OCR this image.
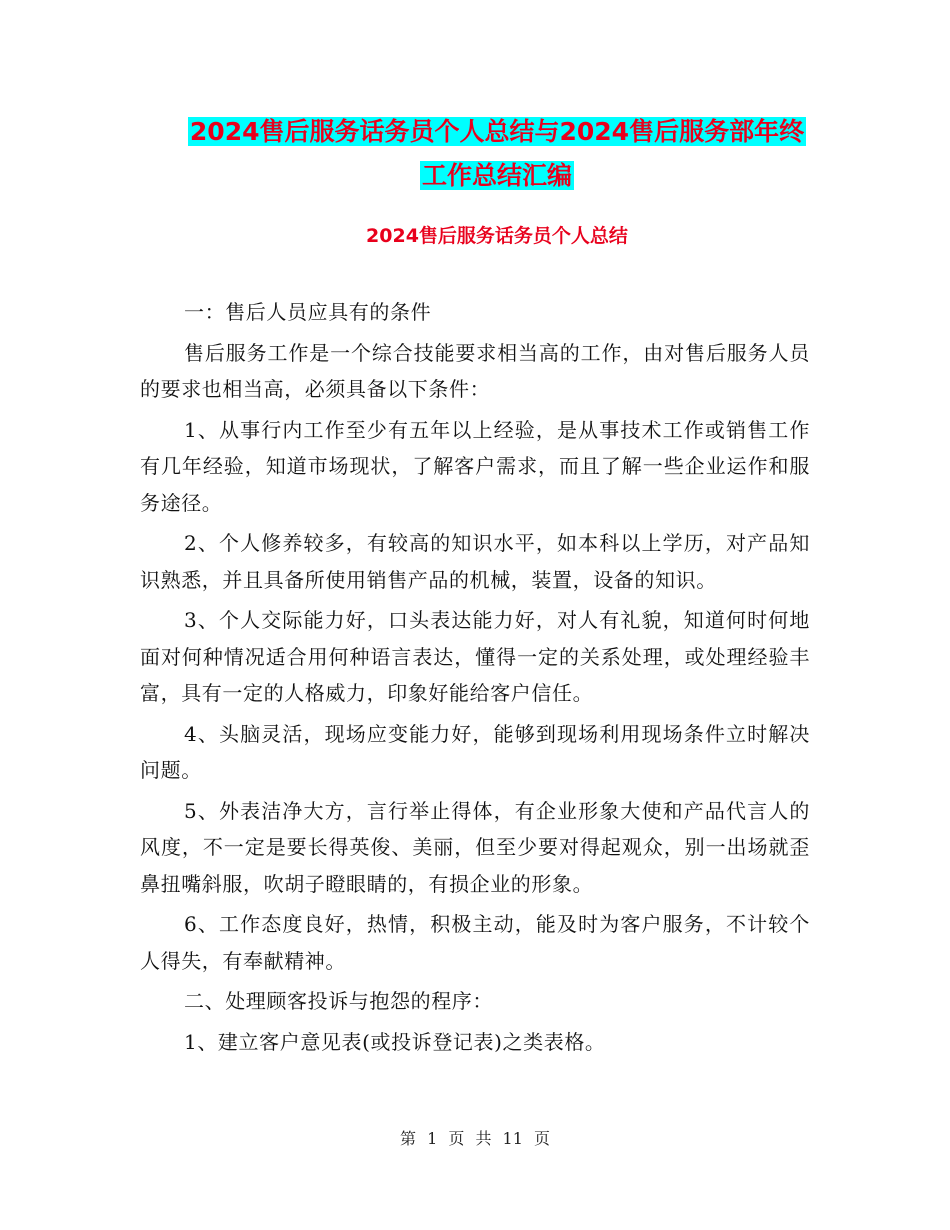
2024售后服务话务员个人总结与2024售后服务部年终
工作总结汇编
2024售后服务话务员个人总结

一：售后人员应具有的条件

售后服务工作是一个综合技能要求相当高的工作，由对售后服务人员的要求也相当高，必须具备以下条件：

1、从事行内工作至少有五年以上经验，是从事技术工作或销售工作有几年经验，知道市场现状，了解客户需求，而且了解一些企业运作和服务途径。

2、个人修养较多，有较高的知识水平，如本科以上学历，对产品知识熟悉，并且具备所使用销售产品的机械，装置，设备的知识。

3、个人交际能力好，口头表达能力好，对人有礼貌，知道何时何地面对何种情况适合用何种语言表达，懂得一定的关系处理，或处理经验丰富，具有一定的人格威力，印象好能给客户信任。

4、头脑灵活，现场应变能力好，能够到现场利用现场条件立时解决问题。

5、外表洁净大方，言行举止得体，有企业形象大使和产品代言人的风度，不一定是要长得英俊、美丽，但至少要对得起观众，别一出场就歪鼻扭嘴斜服，吹胡子瞪眼睛的，有损企业的形象。

6、工作态度良好，热情，积极主动，能及时为客户服务，不计较个人得失，有奉献精神。

二、处理顾客投诉与抱怨的程序：

1、建立客户意见表(或投诉登记表)之类表格。

第 1 页 共 11 页
